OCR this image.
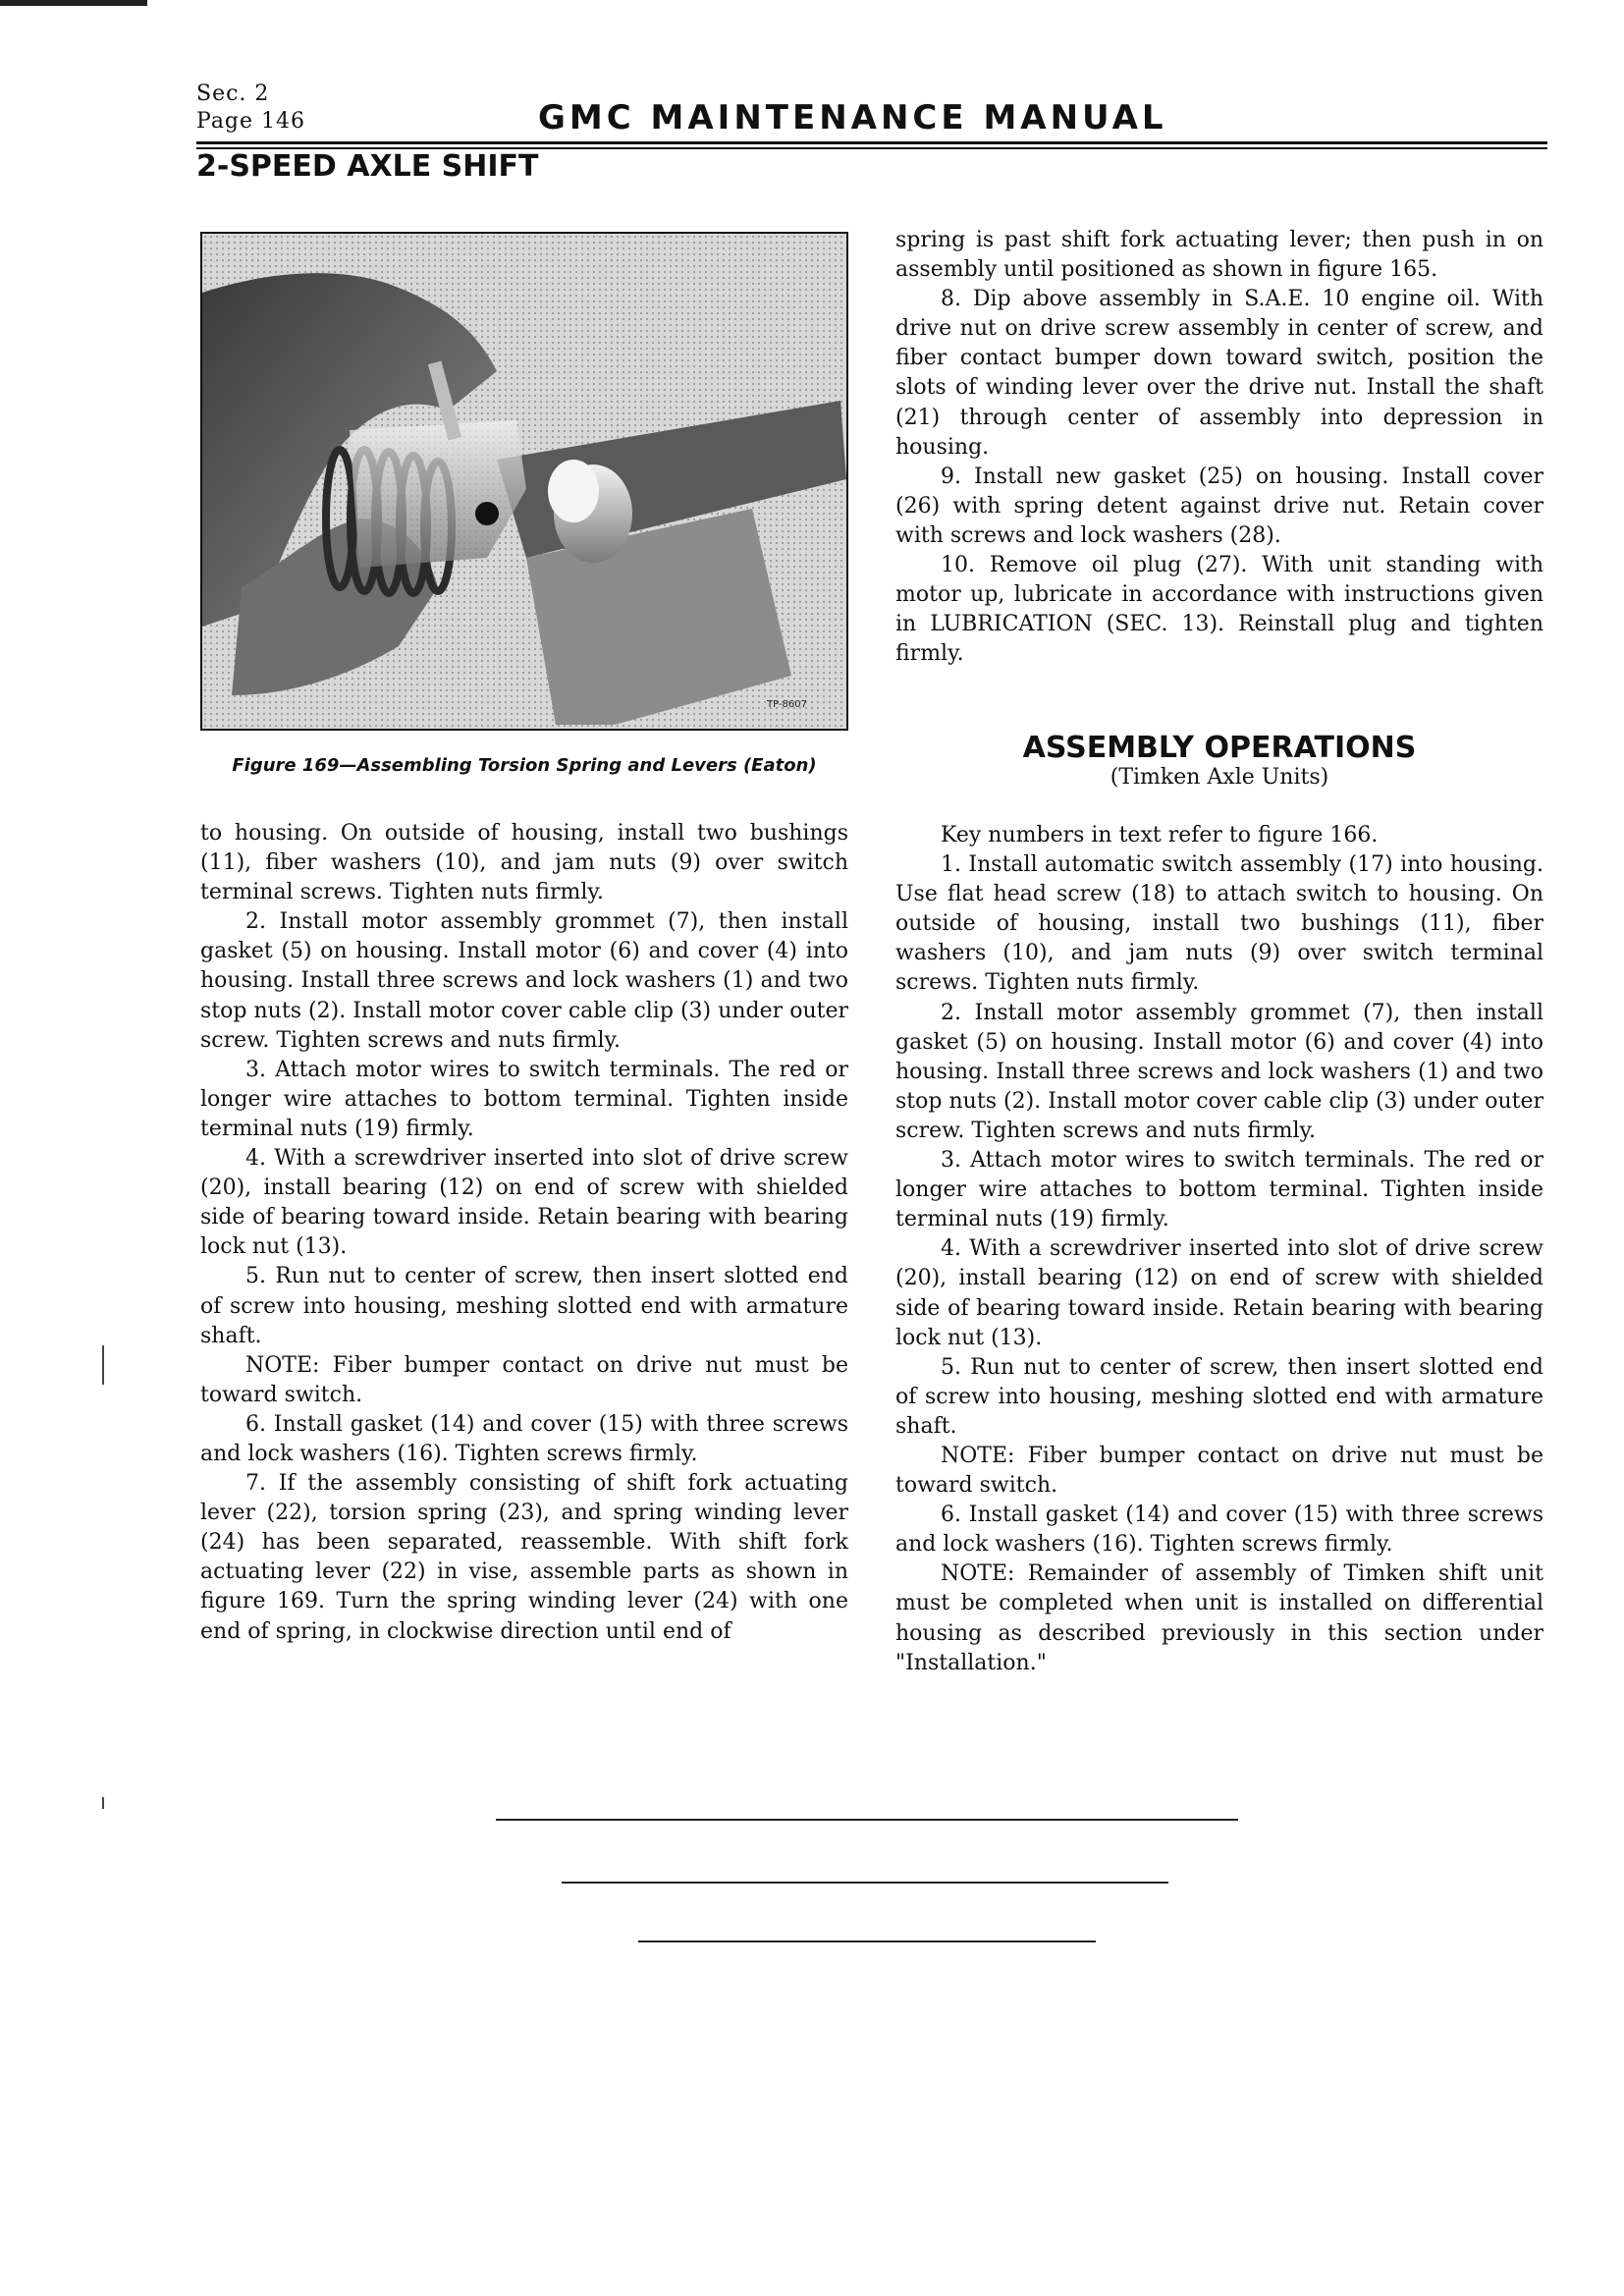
Sec. 2
Page 146	GMC MAINTENANCE MANUAL
2-SPEED AXLE SHIFT
TP-8607
Figure 169—Assembling Torsion Spring and Levers (Eaton)

to housing. On outside of housing, install two bushings (11), fiber washers (10), and jam nuts (9) over switch terminal screws. Tighten nuts firmly.

2. Install motor assembly grommet (7), then install gasket (5) on housing. Install motor (6) and cover (4) into housing. Install three screws and lock washers (1) and two stop nuts (2). Install motor cover cable clip (3) under outer screw. Tighten screws and nuts firmly.

3. Attach motor wires to switch terminals. The red or longer wire attaches to bottom terminal. Tighten inside terminal nuts (19) firmly.

4. With a screwdriver inserted into slot of drive screw (20), install bearing (12) on end of screw with shielded side of bearing toward inside. Retain bearing with bearing lock nut (13).

5. Run nut to center of screw, then insert slotted end of screw into housing, meshing slotted end with armature shaft.

NOTE: Fiber bumper contact on drive nut must be toward switch.

6. Install gasket (14) and cover (15) with three screws and lock washers (16). Tighten screws firmly.

7. If the assembly consisting of shift fork actuating lever (22), torsion spring (23), and spring winding lever (24) has been separated, reassemble. With shift fork actuating lever (22) in vise, assemble parts as shown in figure 169. Turn the spring winding lever (24) with one end of spring, in clockwise direction until end of

spring is past shift fork actuating lever; then push in on assembly until positioned as shown in figure 165.

8. Dip above assembly in S.A.E. 10 engine oil. With drive nut on drive screw assembly in center of screw, and fiber contact bumper down toward switch, position the slots of winding lever over the drive nut. Install the shaft (21) through center of assembly into depression in housing.

9. Install new gasket (25) on housing. Install cover (26) with spring detent against drive nut. Retain cover with screws and lock washers (28).

10. Remove oil plug (27). With unit standing with motor up, lubricate in accordance with instructions given in LUBRICATION (SEC. 13). Reinstall plug and tighten firmly.

ASSEMBLY OPERATIONS
(Timken Axle Units)

Key numbers in text refer to figure 166.

1. Install automatic switch assembly (17) into housing. Use flat head screw (18) to attach switch to housing. On outside of housing, install two bushings (11), fiber washers (10), and jam nuts (9) over switch terminal screws. Tighten nuts firmly.

2. Install motor assembly grommet (7), then install gasket (5) on housing. Install motor (6) and cover (4) into housing. Install three screws and lock washers (1) and two stop nuts (2). Install motor cover cable clip (3) under outer screw. Tighten screws and nuts firmly.

3. Attach motor wires to switch terminals. The red or longer wire attaches to bottom terminal. Tighten inside terminal nuts (19) firmly.

4. With a screwdriver inserted into slot of drive screw (20), install bearing (12) on end of screw with shielded side of bearing toward inside. Retain bearing with bearing lock nut (13).

5. Run nut to center of screw, then insert slotted end of screw into housing, meshing slotted end with armature shaft.

NOTE: Fiber bumper contact on drive nut must be toward switch.

6. Install gasket (14) and cover (15) with three screws and lock washers (16). Tighten screws firmly.

NOTE: Remainder of assembly of Timken shift unit must be completed when unit is installed on differential housing as described previously in this section under "Installation."
